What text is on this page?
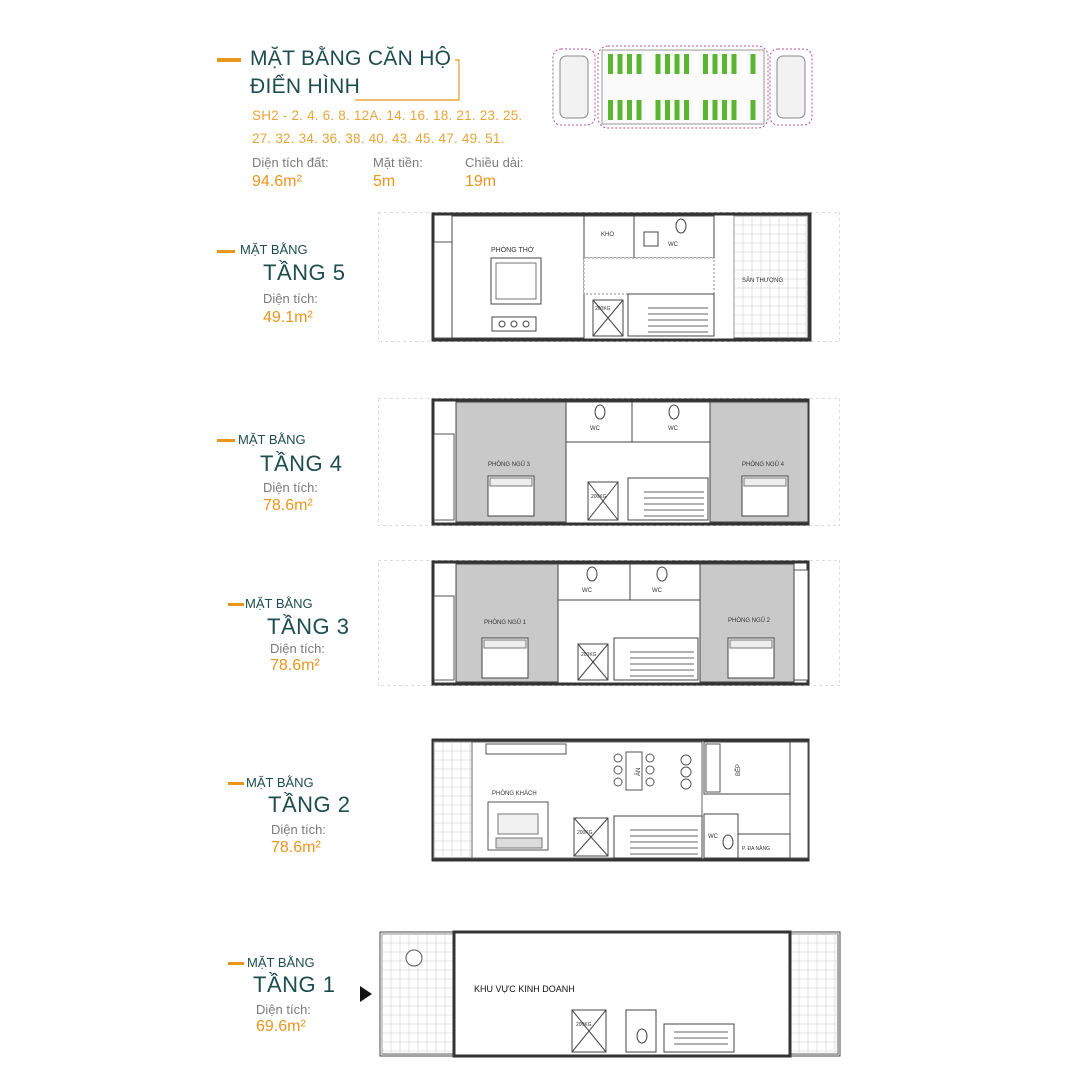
MẶT BẰNG CĂN HỘ
ĐIỂN HÌNH
SH2 - 2. 4. 6. 8. 12A. 14. 16. 18. 21. 23. 25.
27. 32. 34. 36. 38. 40. 43. 45. 47. 49. 51.
Diện tích đất:
94.6m²
Mặt tiền:
5m
Chiều dài:
19m
MẶT BẰNG
TẦNG 5
Diện tích:
49.1m²
MẶT BẰNG
TẦNG 4
Diện tích:
78.6m²
MẶT BẰNG
TẦNG 3
Diện tích:
78.6m²
MẶT BẰNG
TẦNG 2
Diện tích:
78.6m²
MẶT BẰNG
TẦNG 1
Diện tích:
69.6m²
PHÒNG THỜ
KHO
WC
SÂN THƯỢNG
200KG
PHÒNG NGỦ 3	PHÒNG NGỦ 4
WC	WC
200KG
PHÒNG NGỦ 1	PHÒNG NGỦ 2
WC	WC
200KG
PHÒNG KHÁCH
ĂN	BẾP
WC
P. ĐA NĂNG
200KG
KHU VỰC KINH DOANH
200KG
